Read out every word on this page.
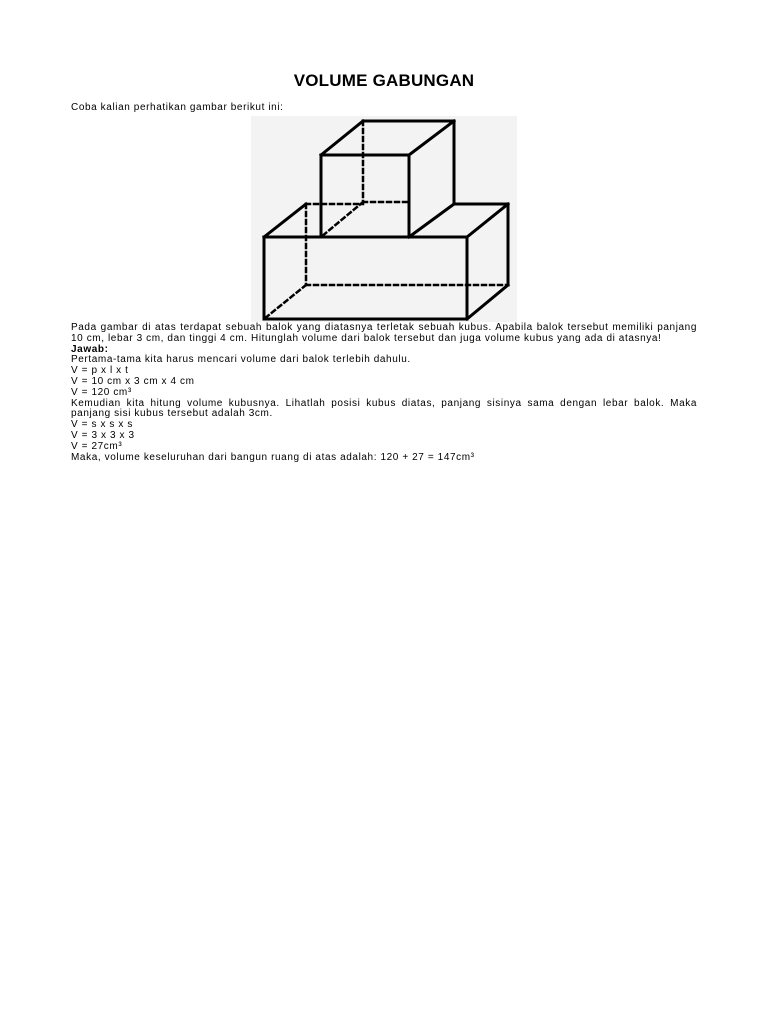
VOLUME GABUNGAN
Coba kalian perhatikan gambar berikut ini:

Pada gambar di atas terdapat sebuah balok yang diatasnya terletak sebuah kubus. Apabila balok tersebut memiliki panjang 10 cm, lebar 3 cm, dan tinggi 4 cm. Hitunglah volume dari balok tersebut dan juga volume kubus yang ada di atasnya!

Jawab:

Pertama-tama kita harus mencari volume dari balok terlebih dahulu.

V = p x l x t

V = 10 cm x 3 cm x 4 cm

V = 120 cm³

Kemudian kita hitung volume kubusnya. Lihatlah posisi kubus diatas, panjang sisinya sama dengan lebar balok. Maka panjang sisi kubus tersebut adalah 3cm.

V = s x s x s

V = 3 x 3 x 3

V = 27cm³

Maka, volume keseluruhan dari bangun ruang di atas adalah: 120 + 27 = 147cm³
